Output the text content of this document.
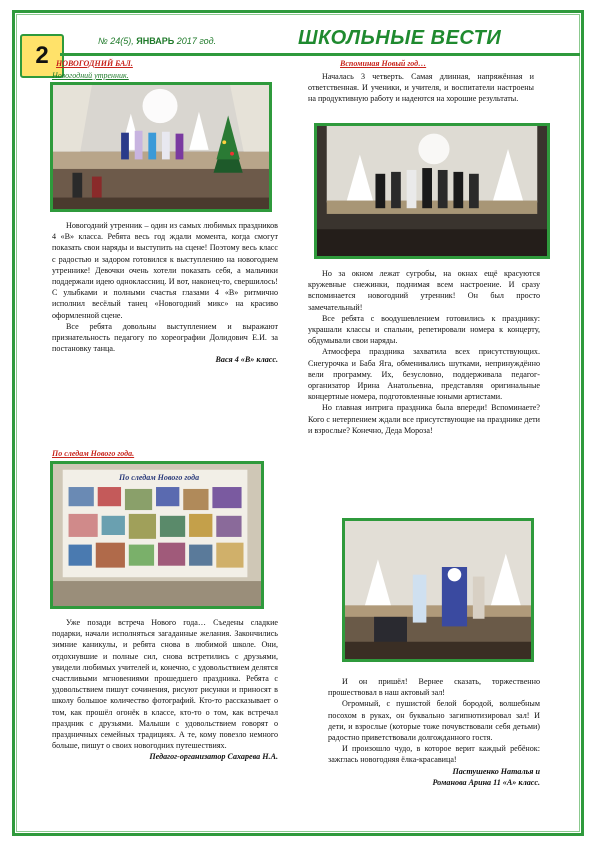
2
№ 24(5), ЯНВАРЬ 2017 год.	ШКОЛЬНЫЕ ВЕСТИ
НОВОГОДНИЙ БАЛ.
Новогодний утренник.

Новогодний утренник – один из самых любимых праздников 4 «В» класса. Ребята весь год ждали момента, когда смогут показать свои наряды и выступить на сцене! Поэтому весь класс с радостью и задором готовился к выступлению на новогоднем утреннике! Девочки очень хотели показать себя, а мальчики поддержали идею одноклассниц. И вот, наконец-то, свершилось! С улыбками и полными счастья глазами 4 «В» ритмично исполнил весёлый танец «Новогодний микс» на красиво оформленной сцене.

Все ребята довольны выступлением и выражают признательность педагогу по хореографии Долидович Е.И. за постановку танца.

Вася 4 «В» класс.

По следам Нового года.
По следам Нового года

Уже позади встреча Нового года… Съедены сладкие подарки, начали исполняться загаданные желания. Закончились зимние каникулы, и ребята снова в любимой школе. Они, отдохнувшие и полные сил, снова встретились с друзьями, увидели любимых учителей и, конечно, с удовольствием делятся счастливыми мгновениями прошедшего праздника. Ребята с удовольствием пишут сочинения, рисуют рисунки и приносят в школу большое количество фотографий. Кто-то рассказывает о том, как прошёл огонёк в классе, кто-то о том, как встречал праздник с друзьями. Малыши с удовольствием говорят о праздничных семейных традициях. А те, кому повезло немного больше, пишут о своих новогодних путешествиях.

Педагог-организатор Сахарева Н.А.

Вспоминая Новый год…

Началась 3 четверть. Самая длинная, напряжённая и ответственная. И ученики, и учителя, и воспитатели настроены на продуктивную работу и надеются на хорошие результаты.

Но за окном лежат сугробы, на окнах ещё красуются кружевные снежинки, поднимая всем настроение. И сразу вспоминается новогодний утренник! Он был просто замечательный!

Все ребята с воодушевлением готовились к празднику: украшали классы и спальни, репетировали номера к концерту, обдумывали свои наряды.

Атмосфера праздника захватила всех присутствующих. Снегурочка и Баба Яга, обменивались шутками, непринуждённо вели программу. Их, безусловно, поддерживала педагог-организатор Ирина Анатольевна, представляя оригинальные концертные номера, подготовленные юными артистами.

Но главная интрига праздника была впереди! Вспоминаете? Кого с нетерпением ждали все присутствующие на празднике дети и взрослые? Конечно, Деда Мороза!

И он пришёл! Вернее сказать, торжественно прошествовал в наш актовый зал!

Огромный, с пушистой белой бородой, волшебным посохом в руках, он буквально загипнотизировал зал! И дети, и взрослые (которые тоже почувствовали себя детьми) радостно приветствовали долгожданного гостя.

И произошло чудо, в которое верит каждый ребёнок: зажглась новогодняя ёлка-красавица!

Пастушенко Наталья и

Романова Арина 11 «А» класс.
